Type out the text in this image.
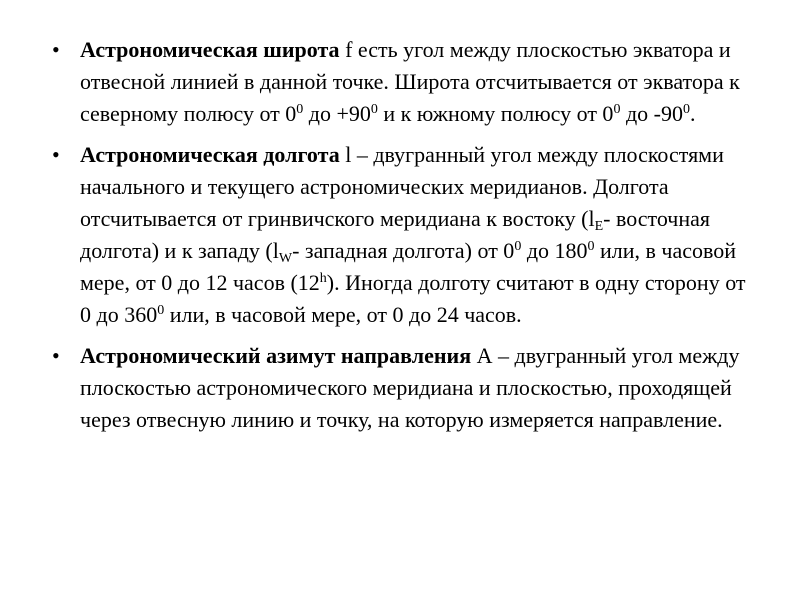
• Астрономическая широта f есть угол между плоскостью экватора и отвесной линией в данной точке. Широта отсчитывается от экватора к северному полюсу от $0^0$ до $+90^0$ и к южному полюсу от $0^0$ до $-90^0$.
• Астрономическая долгота l – двугранный угол между плоскостями начального и текущего астрономических меридианов. Долгота отсчитывается от гринвичского меридиана к востоку ($l_E-$ восточная долгота) и к западу ($l_W-$ западная долгота) от $0^0$ до $180^0$ или, в часовой мере, от 0 до 12 часов (12$^h$). Иногда долготу считают в одну сторону от 0 до $360^0$ или, в часовой мере, от 0 до 24 часов.
• Астрономический азимут направления А – двугранный угол между плоскостью астрономического меридиана и плоскостью, проходящей через отвесную линию и точку, на которую измеряется направление.
